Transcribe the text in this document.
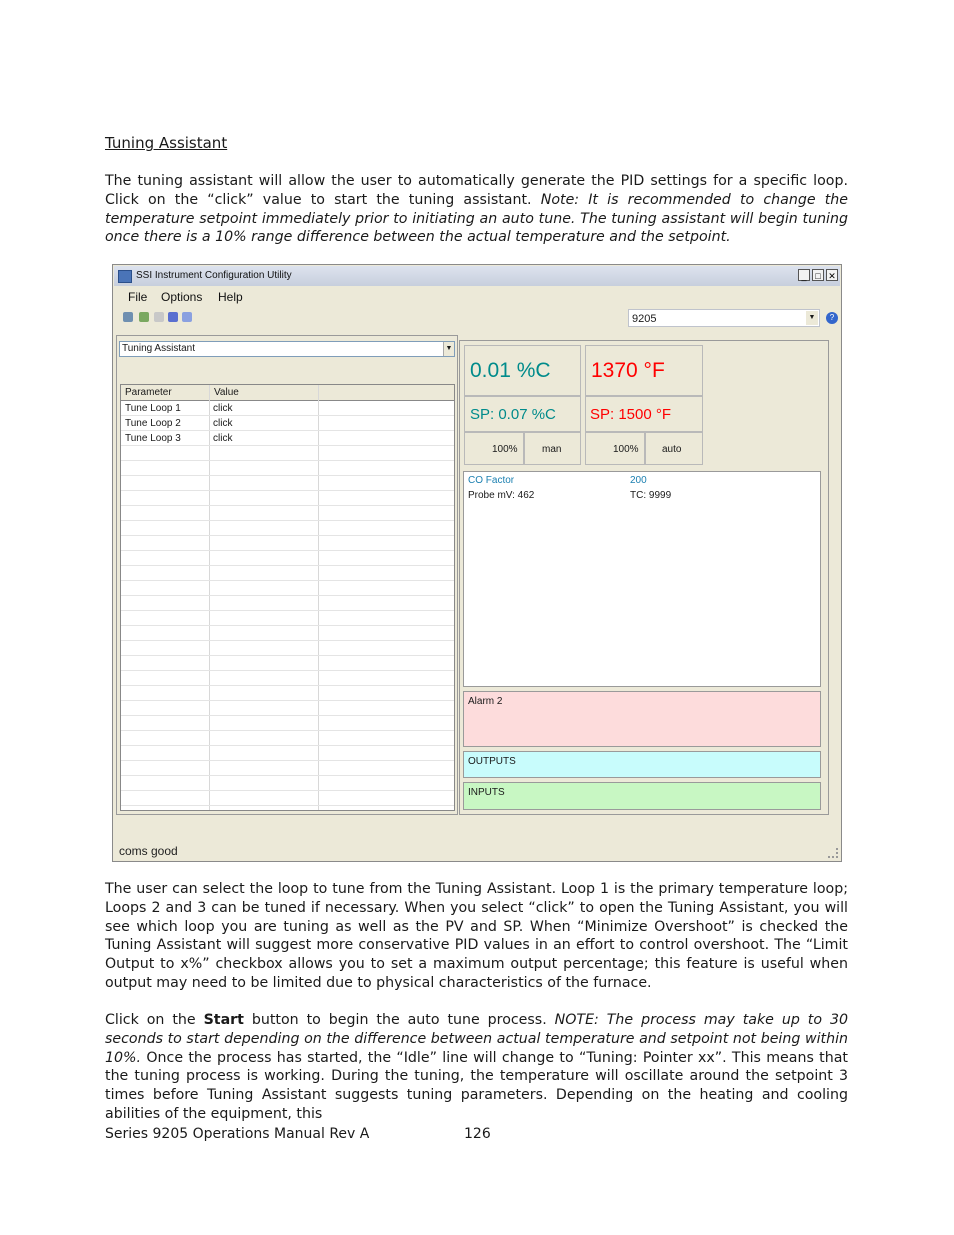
Tuning Assistant
The tuning assistant will allow the user to automatically generate the PID settings for a specific loop. Click on the “click” value to start the tuning assistant. Note: It is recommended to change the temperature setpoint immediately prior to initiating an auto tune. The tuning assistant will begin tuning once there is a 10% range difference between the actual temperature and the setpoint.
SSI Instrument Configuration Utility	_ □ ✕
File Options Help
9205	▼	?
Tuning Assistant	▼
Parameter	Value
Tune Loop 1	click
Tune Loop 2	click
Tune Loop 3	click
0.01 %C
SP: 0.07 %C
100% man
1370 °F
SP: 1500 °F
100% auto
CO Factor	200
Probe mV: 462	TC: 9999
Alarm 2
OUTPUTS
INPUTS
coms good
The user can select the loop to tune from the Tuning Assistant. Loop 1 is the primary temperature loop; Loops 2 and 3 can be tuned if necessary. When you select “click” to open the Tuning Assistant, you will see which loop you are tuning as well as the PV and SP. When “Minimize Overshoot” is checked the Tuning Assistant will suggest more conservative PID values in an effort to control overshoot. The “Limit Output to x%” checkbox allows you to set a maximum output percentage; this feature is useful when output may need to be limited due to physical characteristics of the furnace.
Click on the Start button to begin the auto tune process. NOTE: The process may take up to 30 seconds to start depending on the difference between actual temperature and setpoint not being within 10%. Once the process has started, the “Idle” line will change to “Tuning: Pointer xx”. This means that the tuning process is working. During the tuning, the temperature will oscillate around the setpoint 3 times before Tuning Assistant suggests tuning parameters. Depending on the heating and cooling abilities of the equipment, this
Series 9205 Operations Manual Rev A	126
